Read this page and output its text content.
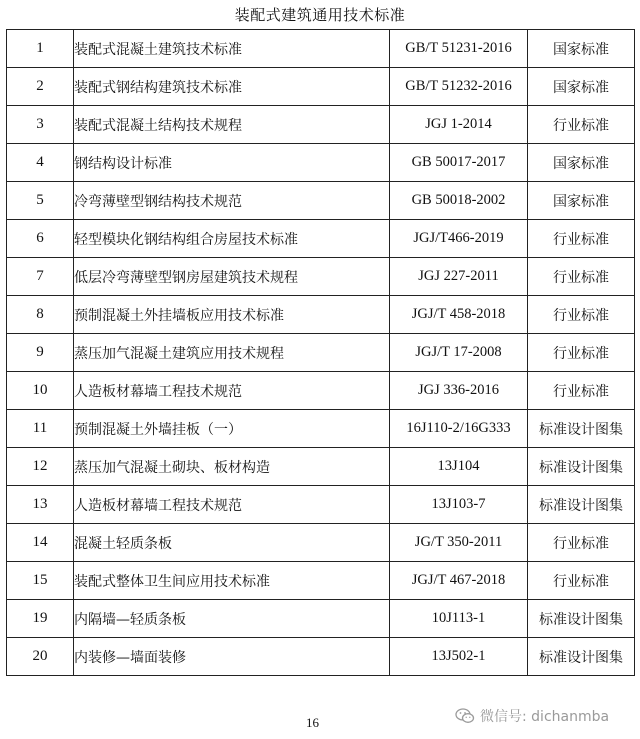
装配式建筑通用技术标准
1	装配式混凝土建筑技术标准	GB/T 51231-2016	国家标准
2	装配式钢结构建筑技术标准	GB/T 51232-2016	国家标准
3	装配式混凝土结构技术规程	JGJ 1-2014	行业标准
4	钢结构设计标准	GB 50017-2017	国家标准
5	冷弯薄壁型钢结构技术规范	GB 50018-2002	国家标准
6	轻型模块化钢结构组合房屋技术标准	JGJ/T466-2019	行业标准
7	低层冷弯薄壁型钢房屋建筑技术规程	JGJ 227-2011	行业标准
8	预制混凝土外挂墙板应用技术标准	JGJ/T 458-2018	行业标准
9	蒸压加气混凝土建筑应用技术规程	JGJ/T 17-2008	行业标准
10	人造板材幕墙工程技术规范	JGJ 336-2016	行业标准
11	预制混凝土外墙挂板（一）	16J110-2/16G333	标准设计图集
12	蒸压加气混凝土砌块、板材构造	13J104	标准设计图集
13	人造板材幕墙工程技术规范	13J103-7	标准设计图集
14	混凝土轻质条板	JG/T 350-2011	行业标准
15	装配式整体卫生间应用技术标准	JGJ/T 467-2018	行业标准
19	内隔墙—轻质条板	10J113-1	标准设计图集
20	内装修—墙面装修	13J502-1	标准设计图集
16	微信号: dichanmba
